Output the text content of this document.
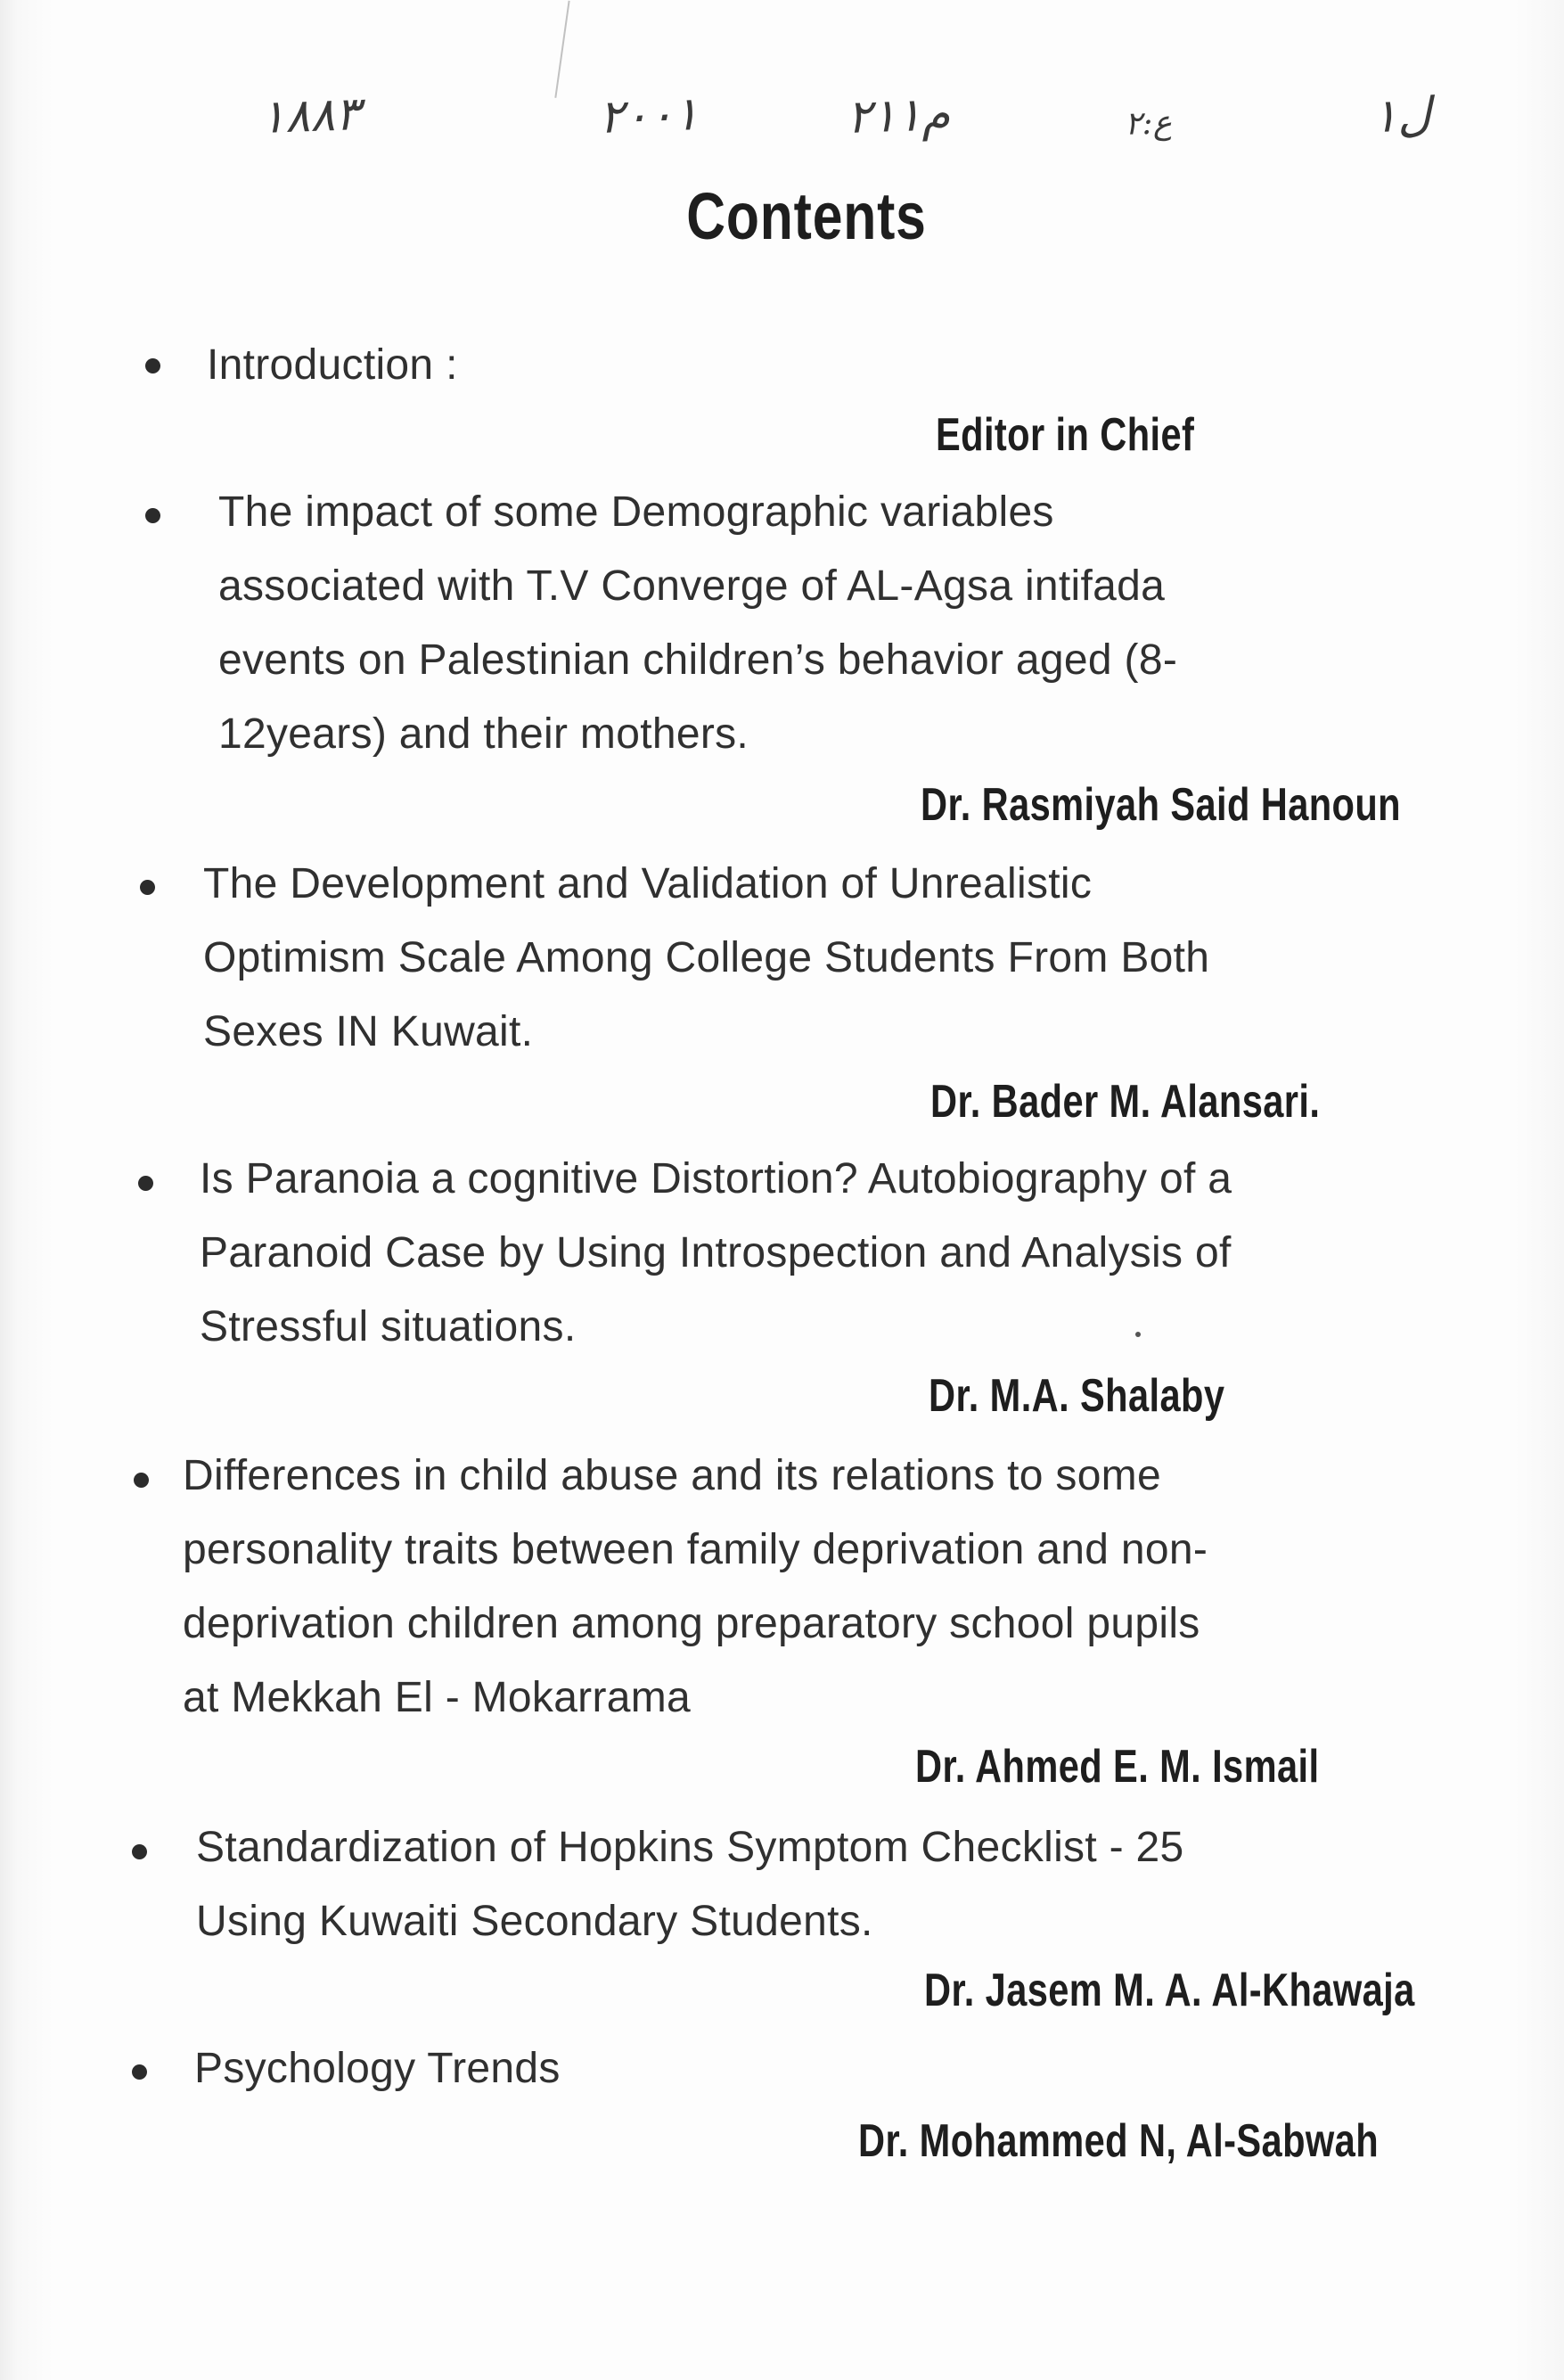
١٨٨٣	٢٠٠١	م٢١١	ع:٢	ل١
Contents
Introduction :
Editor in Chief
The impact of some Demographic variables
associated with T.V Converge of AL-Agsa intifada
events on Palestinian children’s behavior aged (8-
12years) and their mothers.
Dr. Rasmiyah Said Hanoun
The Development and Validation of Unrealistic
Optimism Scale Among College Students From Both
Sexes IN Kuwait.
Dr. Bader M. Alansari.
Is Paranoia a cognitive Distortion? Autobiography of a
Paranoid Case by Using Introspection and Analysis of
Stressful situations.
Dr. M.A. Shalaby
Differences in child abuse and its relations to some
personality traits between family deprivation and non-
deprivation children among preparatory school pupils
at Mekkah El - Mokarrama
Dr. Ahmed E. M. Ismail
Standardization of Hopkins Symptom Checklist - 25
Using Kuwaiti Secondary Students.
Dr. Jasem M. A. Al-Khawaja
Psychology Trends
Dr. Mohammed N, Al-Sabwah
